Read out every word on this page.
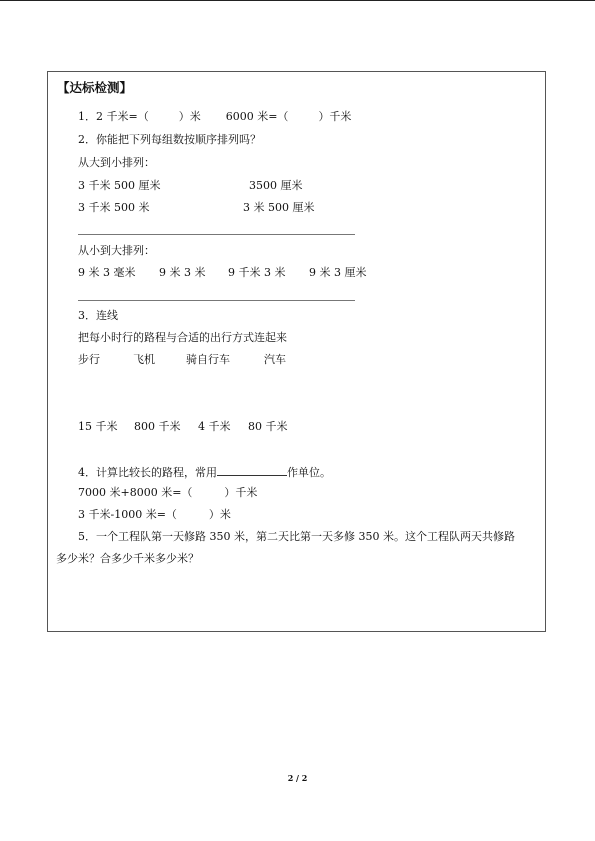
【达标检测】
1．2 千米=（	）米 6000 米=（	）千米
2．你能把下列每组数按顺序排列吗？
从大到小排列：
3 千米 500 厘米	3500 厘米
3 千米 500 米	3 米 500 厘米
从小到大排列：
9 米 3 毫米 9 米 3 米 9 千米 3 米 9 米 3 厘米
3．连线
把每小时行的路程与合适的出行方式连起来
步行	飞机	骑自行车	汽车
15 千米 800 千米 4 千米 80 千米
4．计算比较长的路程，常用	作单位。
7000 米+8000 米=（	）千米
3 千米-1000 米=（	）米
5．一个工程队第一天修路 350 米，第二天比第一天多修 350 米。这个工程队两天共修路
多少米？合多少千米多少米？
2 / 2
